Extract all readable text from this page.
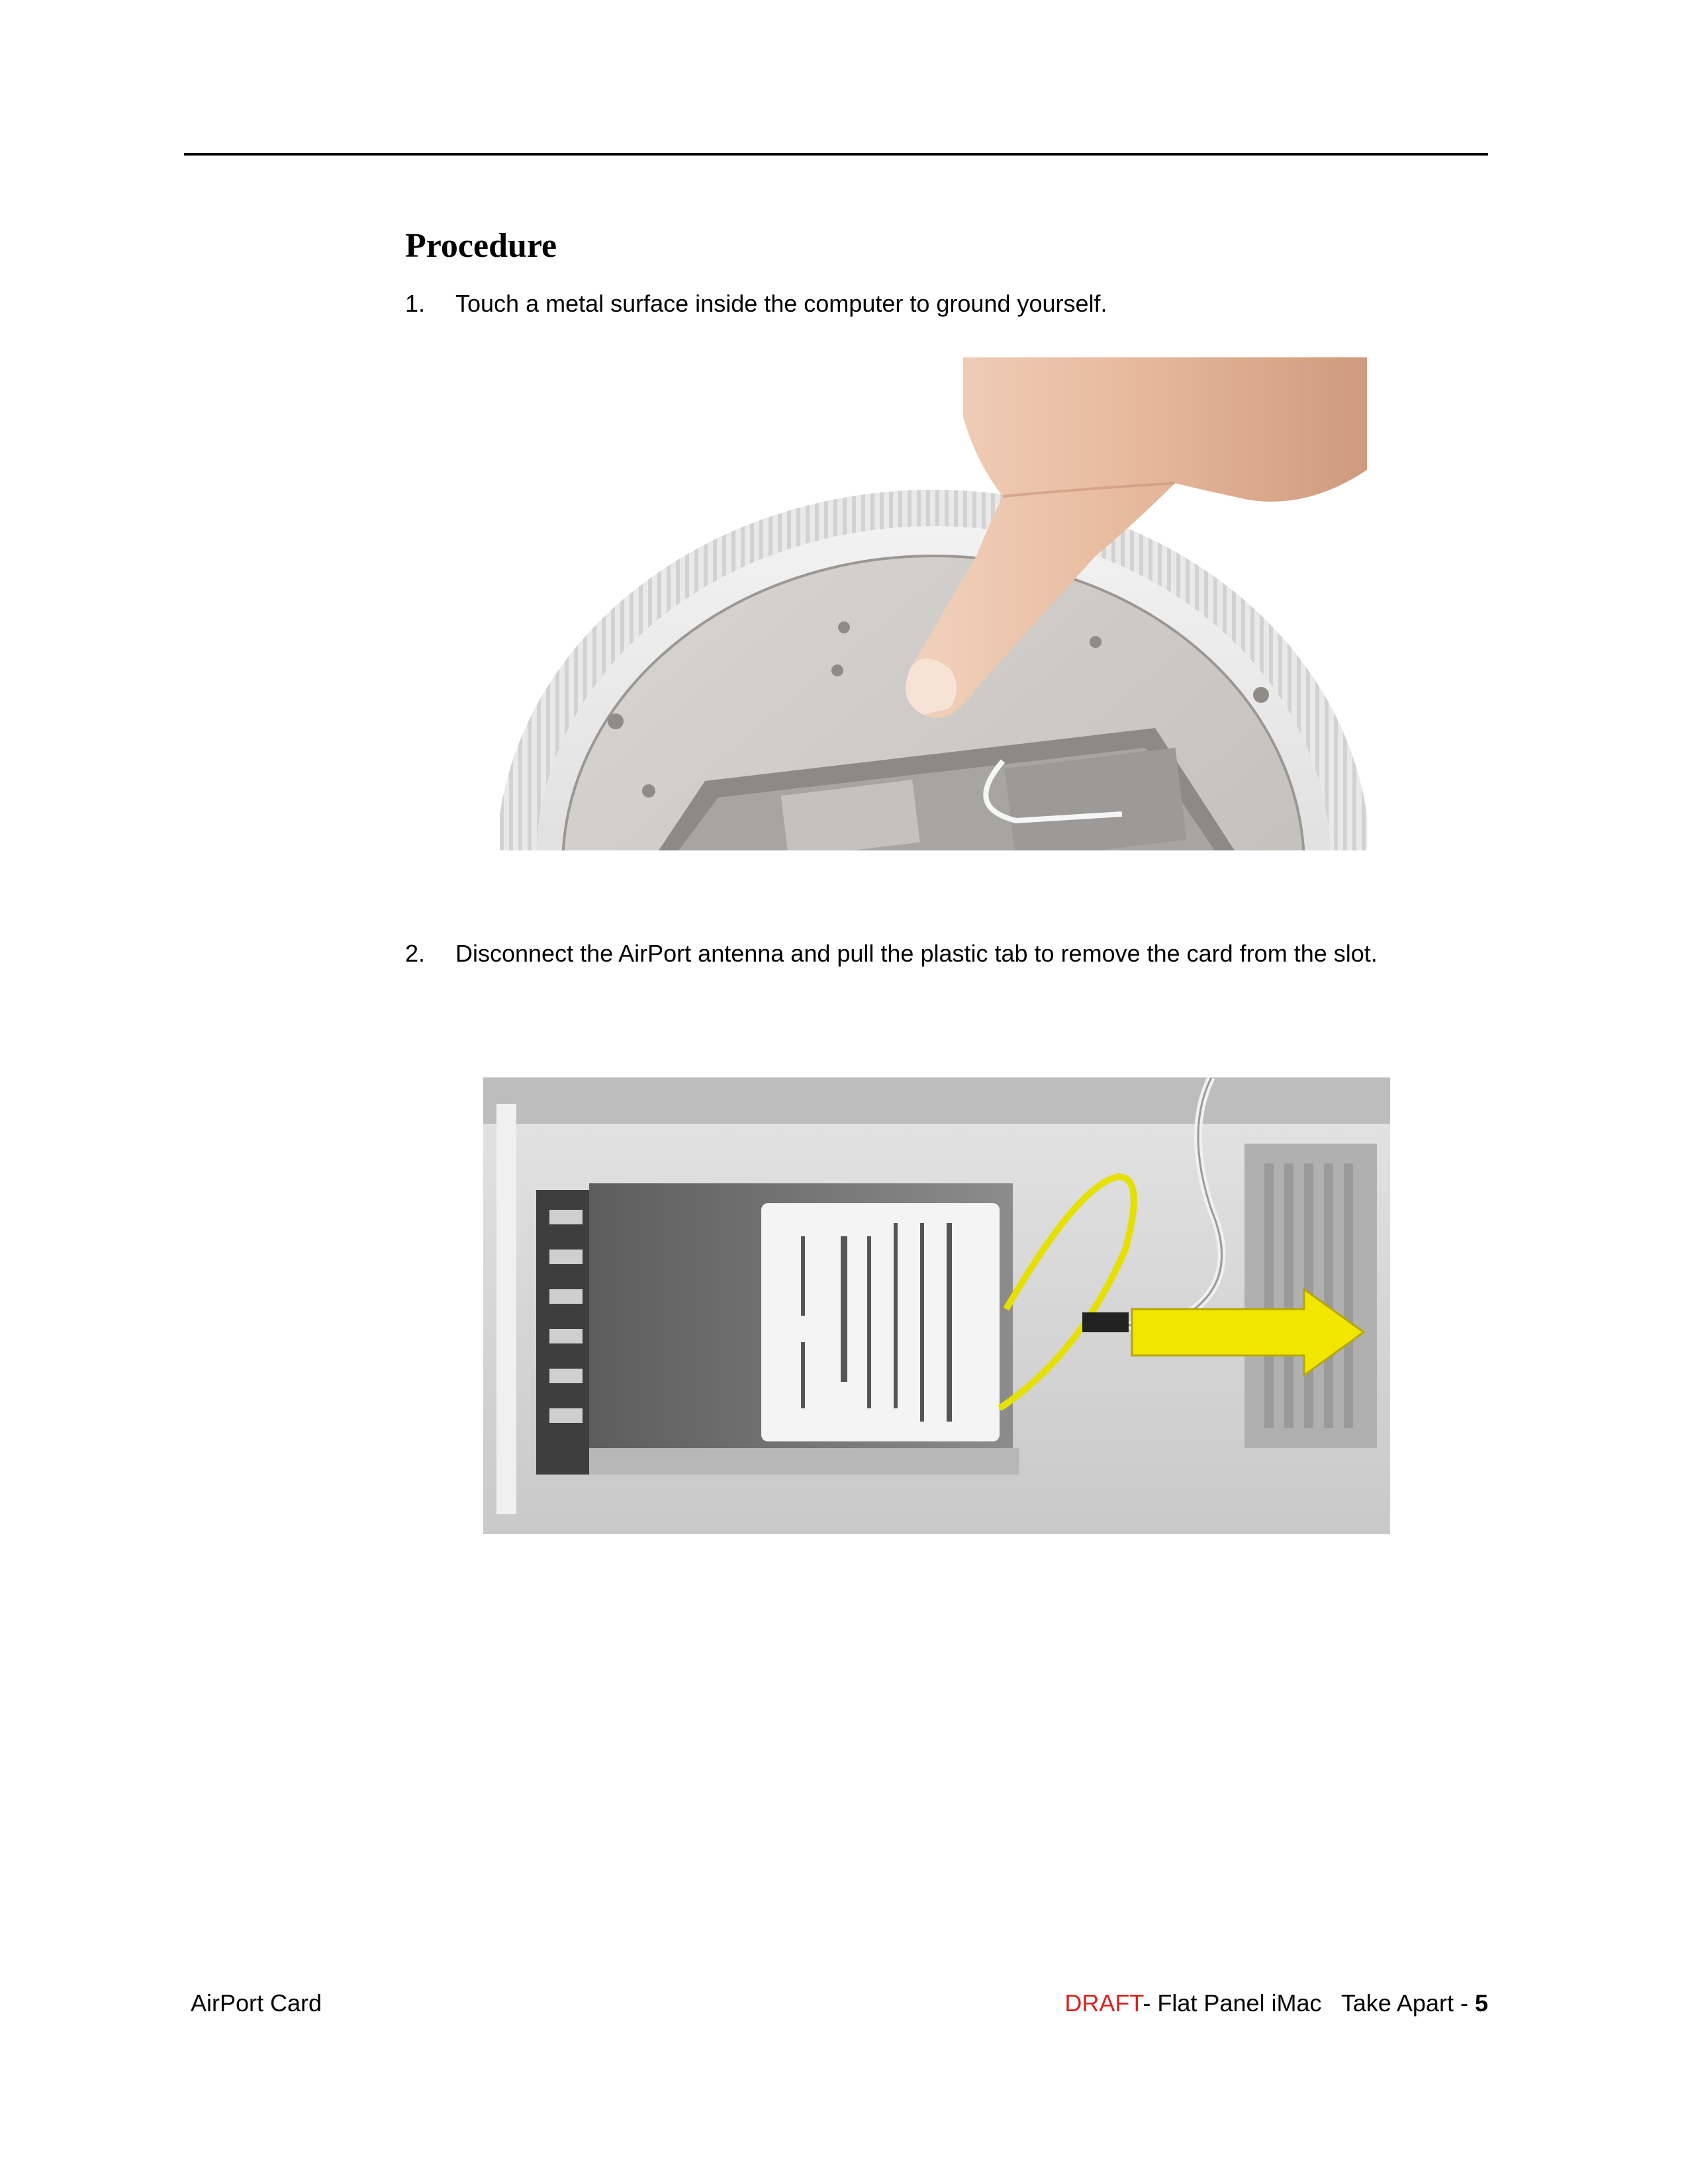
Procedure
1.	Touch a metal surface inside the computer to ground yourself.
2.	Disconnect the AirPort antenna and pull the plastic tab to remove the card from the slot.
AirPort Card	DRAFT- Flat Panel iMac   Take Apart - 5
